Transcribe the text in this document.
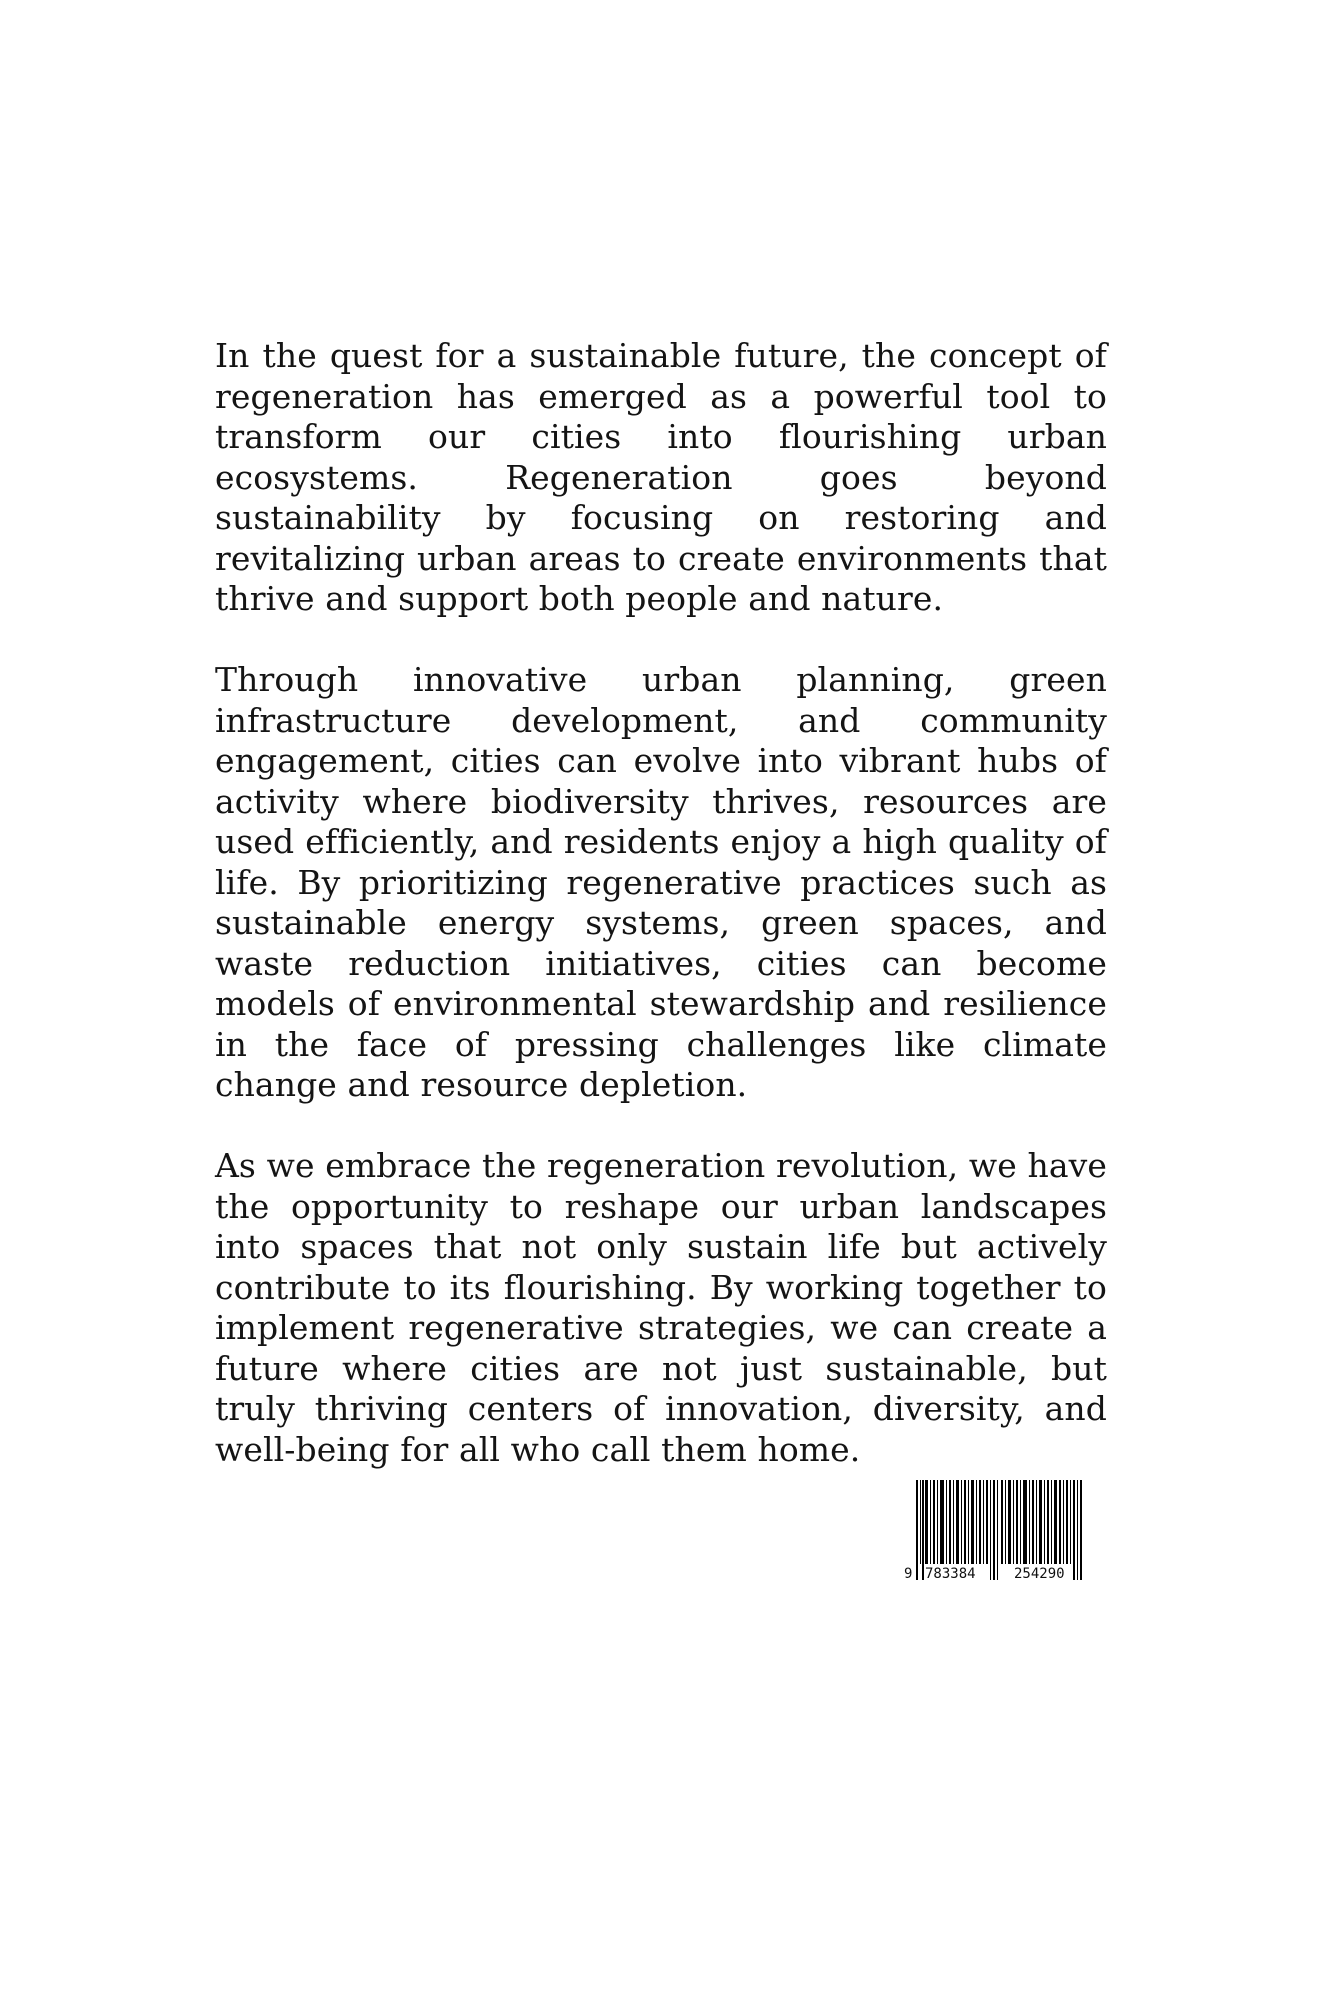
In the quest for a sustainable future, the concept of regeneration has emerged as a powerful tool to transform our cities into flourishing urban ecosystems. Regeneration goes beyond sustainability by focusing on restoring and revitalizing urban areas to create environments that thrive and support both people and nature.

Through innovative urban planning, green infrastructure development, and community engagement, cities can evolve into vibrant hubs of activity where biodiversity thrives, resources are used efficiently, and residents enjoy a high quality of life. By prioritizing regenerative practices such as sustainable energy systems, green spaces, and waste reduction initiatives, cities can become models of environmental stewardship and resilience in the face of pressing challenges like climate change and resource depletion.

As we embrace the regeneration revolution, we have the opportunity to reshape our urban landscapes into spaces that not only sustain life but actively contribute to its flourishing. By working together to implement regenerative strategies, we can create a future where cities are not just sustainable, but truly thriving centers of innovation, diversity, and well-being for all who call them home.

9 783384	254290
